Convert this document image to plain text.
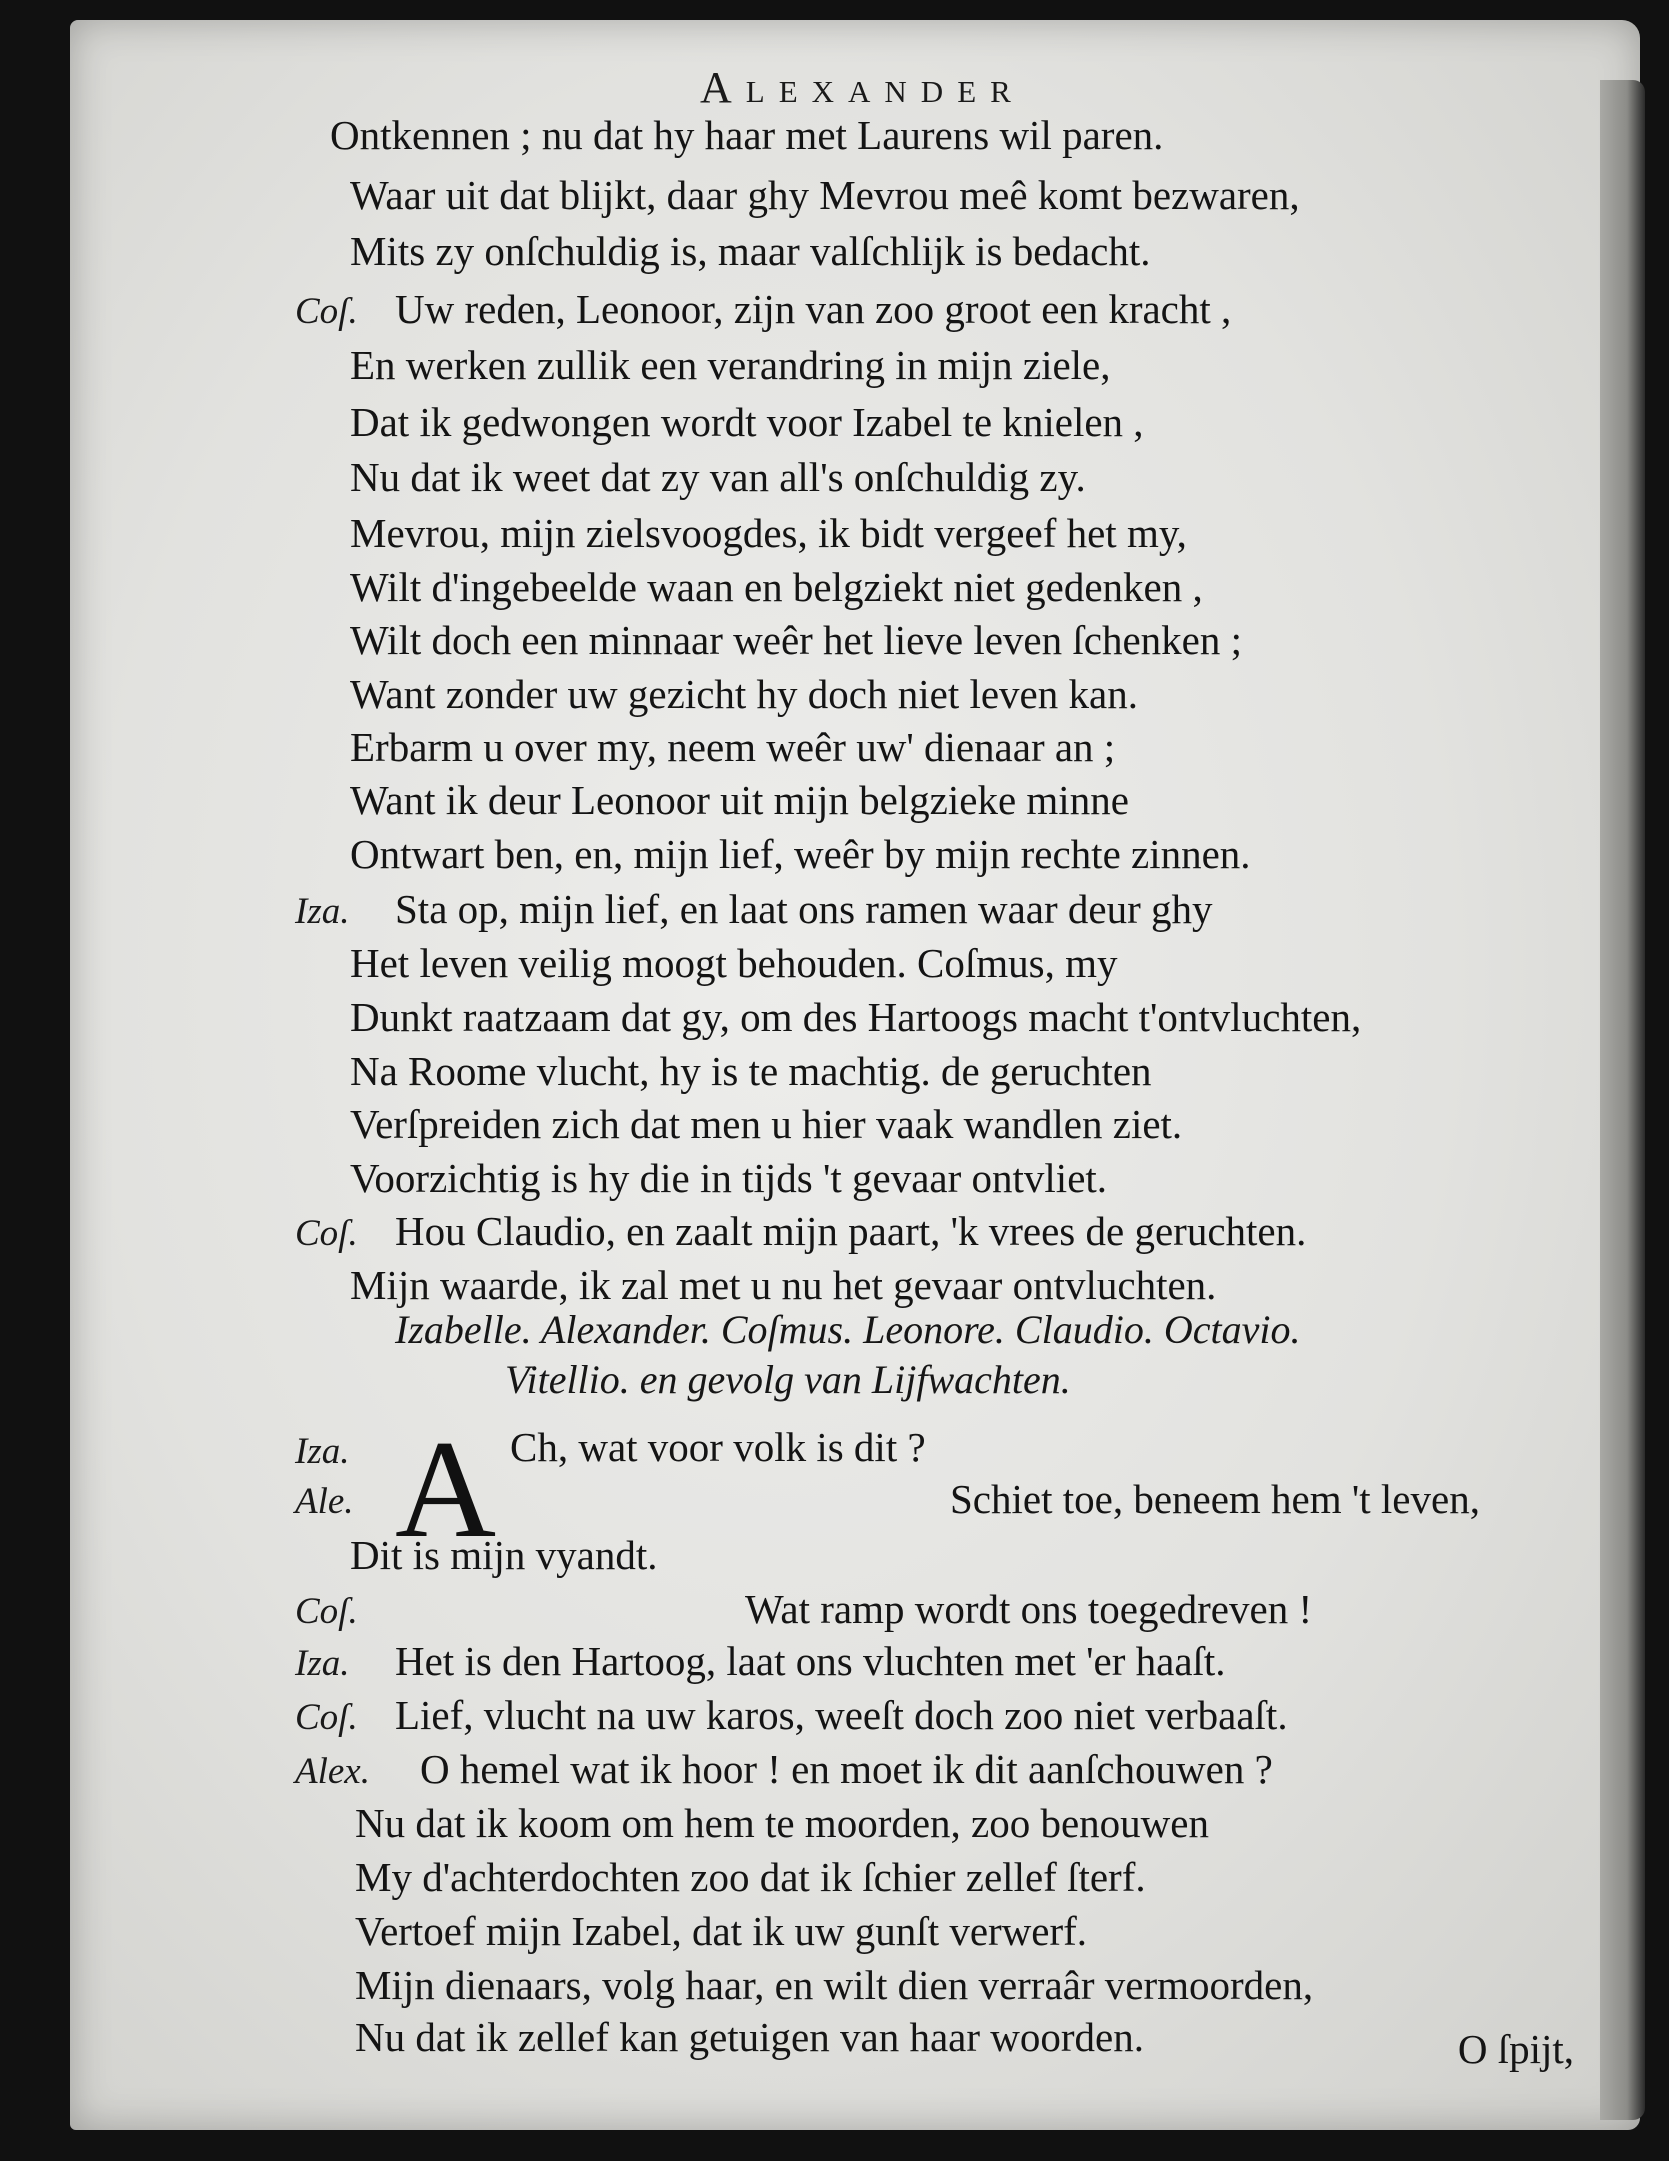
Alexander
Ontkennen ; nu dat hy haar met Laurens wil paren.
Waar uit dat blijkt, daar ghy Mevrou meê komt bezwaren,
Mits zy onſchuldig is, maar valſchlijk is bedacht.
Coſ. Uw reden, Leonoor, zijn van zoo groot een kracht ,
En werken zullik een verandring in mijn ziele,
Dat ik gedwongen wordt voor Izabel te knielen ,
Nu dat ik weet dat zy van all's onſchuldig zy.
Mevrou, mijn zielsvoogdes, ik bidt vergeef het my,
Wilt d'ingebeelde waan en belgziekt niet gedenken ,
Wilt doch een minnaar weêr het lieve leven ſchenken ;
Want zonder uw gezicht hy doch niet leven kan.
Erbarm u over my, neem weêr uw' dienaar an ;
Want ik deur Leonoor uit mijn belgziekе minne
Ontwart ben, en, mijn lief, weêr by mijn rechte zinnen.
Iza. Sta op, mijn lief, en laat ons ramen waar deur ghy
Het leven veilig moogt behouden. Coſmus, my
Dunkt raatzaam dat gy, om des Hartoogs macht t'ontvluchten,
Na Roome vlucht, hy is te machtig. de geruchten
Verſpreiden zich dat men u hier vaak wandlen ziet.
Voorzichtig is hy die in tijds 't gevaar ontvliet.
Coſ. Hou Claudio, en zaalt mijn paart, 'k vrees de geruchten.
Mijn waarde, ik zal met u nu het gevaar ontvluchten.
Izabelle. Alexander. Coſmus. Leonore. Claudio. Octavio.
Vitellio. en gevolg van Lijfwachten.
A
Iza.	Ch, wat voor volk is dit ?
Ale.	Schiet toe, beneem hem 't leven,
Dit is mijn vyandt.
Coſ.	Wat ramp wordt ons toegedreven !
Iza. Het is den Hartoog, laat ons vluchten met 'er haaſt.
Coſ. Lief, vlucht na uw karos, weeſt doch zoo niet verbaaſt.
Alex. O hemel wat ik hoor ! en moet ik dit aanſchouwen ?
Nu dat ik koom om hem te moorden, zoo benouwen
My d'achterdochten zoo dat ik ſchier zellef ſterf.
Vertoef mijn Izabel, dat ik uw gunſt verwerf.
Mijn dienaars, volg haar, en wilt dien verraâr vermoorden,
Nu dat ik zellef kan getuigen van haar woorden.	O ſpijt,
